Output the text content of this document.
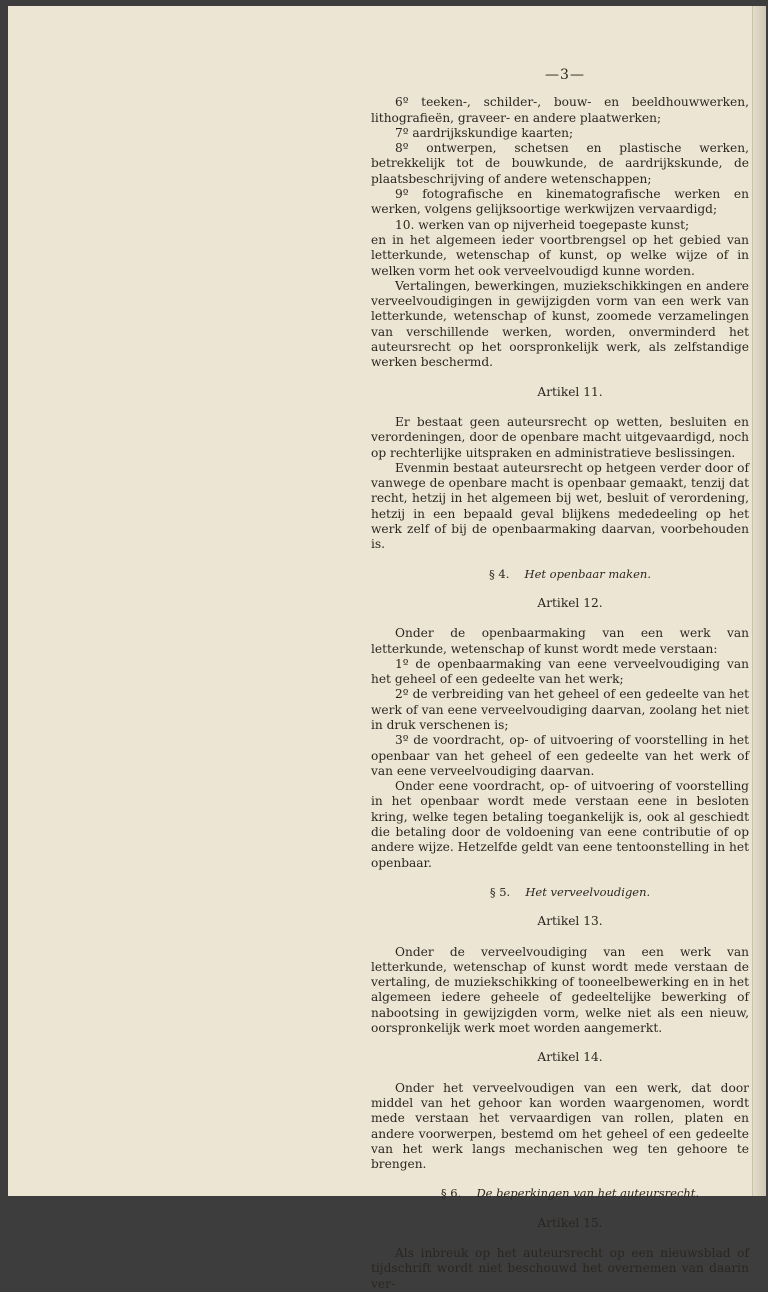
—3—
6º teeken-, schilder-, bouw- en beeldhouwwerken, lithografieën, graveer- en andere plaatwerken;
7º aardrijkskundige kaarten;
8º ontwerpen, schetsen en plastische werken, betrekkelijk tot de bouwkunde, de aardrijkskunde, de plaatsbeschrijving of andere wetenschappen;
9º fotografische en kinematografische werken en werken, volgens gelijksoortige werkwijzen vervaardigd;
10. werken van op nijverheid toegepaste kunst;
en in het algemeen ieder voortbrengsel op het gebied van letterkunde, wetenschap of kunst, op welke wijze of in welken vorm het ook verveelvoudigd kunne worden.
Vertalingen, bewerkingen, muziekschikkingen en andere verveelvoudigingen in gewijzigden vorm van een werk van letterkunde, wetenschap of kunst, zoomede verzamelingen van verschillende werken, worden, onverminderd het auteursrecht op het oorspronkelijk werk, als zelfstandige werken beschermd.
Artikel 11.
Er bestaat geen auteursrecht op wetten, besluiten en verordeningen, door de openbare macht uitgevaardigd, noch op rechterlijke uitspraken en administratieve beslissingen.
Evenmin bestaat auteursrecht op hetgeen verder door of vanwege de openbare macht is openbaar gemaakt, tenzij dat recht, hetzij in het algemeen bij wet, besluit of verordening, hetzij in een bepaald geval blijkens mededeeling op het werk zelf of bij de openbaarmaking daarvan, voorbehouden is.
§ 4.  Het openbaar maken.
Artikel 12.
Onder de openbaarmaking van een werk van letterkunde, wetenschap of kunst wordt mede verstaan:
1º de openbaarmaking van eene verveelvoudiging van het geheel of een gedeelte van het werk;
2º de verbreiding van het geheel of een gedeelte van het werk of van eene verveelvoudiging daarvan, zoolang het niet in druk verschenen is;
3º de voordracht, op- of uitvoering of voorstelling in het openbaar van het geheel of een gedeelte van het werk of van eene verveelvoudiging daarvan.
Onder eene voordracht, op- of uitvoering of voorstelling in het openbaar wordt mede verstaan eene in besloten kring, welke tegen betaling toegankelijk is, ook al geschiedt die betaling door de voldoening van eene contributie of op andere wijze. Hetzelfde geldt van eene tentoonstelling in het openbaar.
§ 5.  Het verveelvoudigen.
Artikel 13.
Onder de verveelvoudiging van een werk van letterkunde, wetenschap of kunst wordt mede verstaan de vertaling, de muziekschikking of tooneelbewerking en in het algemeen iedere geheele of gedeeltelijke bewerking of nabootsing in gewijzigden vorm, welke niet als een nieuw, oorspronkelijk werk moet worden aangemerkt.
Artikel 14.
Onder het verveelvoudigen van een werk, dat door middel van het gehoor kan worden waargenomen, wordt mede verstaan het vervaardigen van rollen, platen en andere voorwerpen, bestemd om het geheel of een gedeelte van het werk langs mechanischen weg ten gehoore te brengen.
§ 6.  De beperkingen van het auteursrecht.
Artikel 15.
Als inbreuk op het auteursrecht op een nieuwsblad of tijdschrift wordt niet beschouwd het overnemen van daarin ver-
